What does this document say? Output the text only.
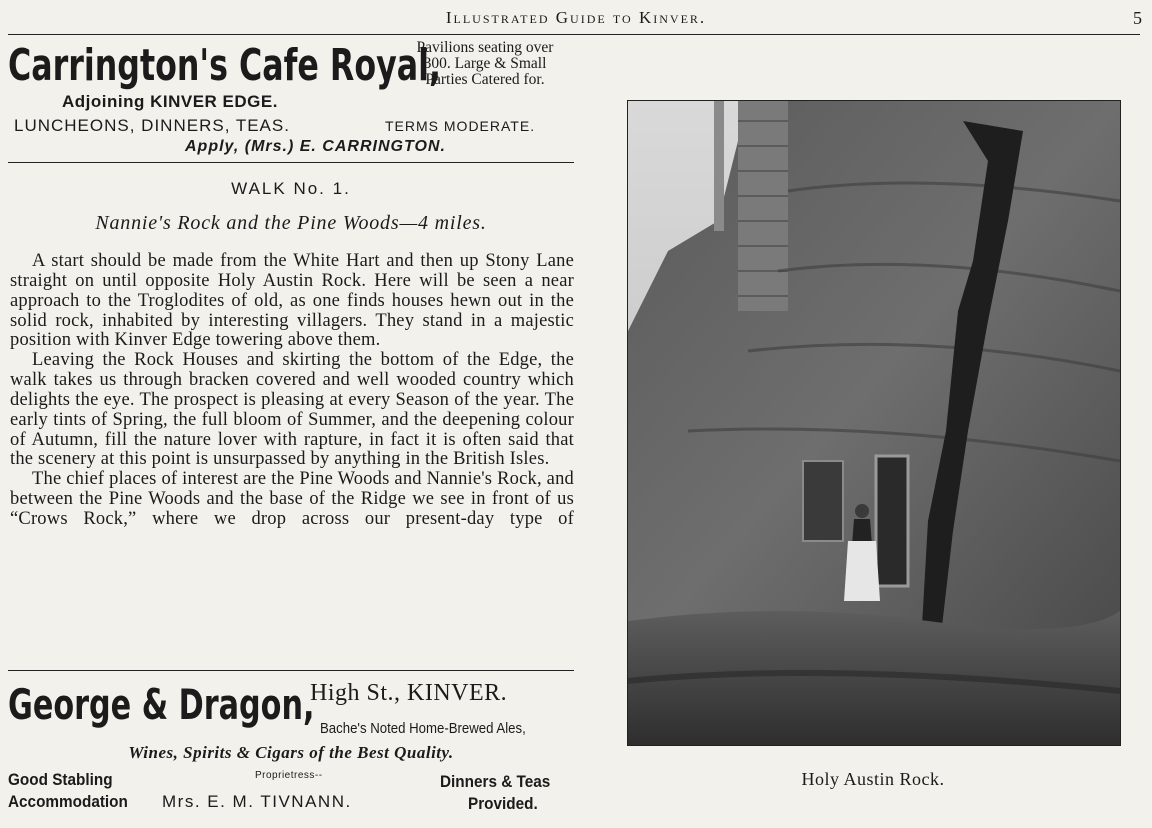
Illustrated Guide to Kinver.	5
Carrington's Cafe Royal,
Pavilions seating over
300. Large & Small
Parties Catered for.
Adjoining KINVER EDGE.
LUNCHEONS, DINNERS, TEAS.	TERMS MODERATE.
Apply, (Mrs.) E. CARRINGTON.
WALK No. 1.
Nannie's Rock and the Pine Woods—4 miles.

A start should be made from the White Hart and then up Stony Lane straight on until opposite Holy Austin Rock. Here will be seen a near approach to the Troglodites of old, as one finds houses hewn out in the solid rock, inhabited by interesting villagers. They stand in a majestic position with Kinver Edge towering above them.

Leaving the Rock Houses and skirting the bottom of the Edge, the walk takes us through bracken covered and well wooded country which delights the eye. The prospect is pleasing at every Season of the year. The early tints of Spring, the full bloom of Summer, and the deepening colour of Autumn, fill the nature lover with rapture, in fact it is often said that the scenery at this point is unsurpassed by anything in the British Isles.

The chief places of interest are the Pine Woods and Nannie's Rock, and between the Pine Woods and the base of the Ridge we see in front of us “Crows Rock,” where we drop across our present-day type of

George & Dragon,
High St., KINVER.
Bache's Noted Home-Brewed Ales,
Wines, Spirits & Cigars of the Best Quality.
Good Stabling
Accommodation
Proprietress--
Mrs. E. M. TIVNANN.
Dinners & Teas
Provided.
Holy Austin Rock.
